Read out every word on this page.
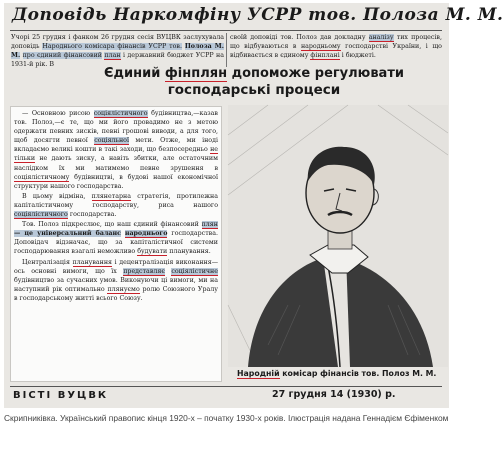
Доповідь Наркомфіну УСРР тов. Полоза М. М.

Учорі 25 грудня і фанком 26 грудня сесія ВУЦВК заслухувала доповідь Народнього комісара фінансів УСРР тов. Полоза М. М. про єдиний фінансовий план і державний бюджет УСРР на 1931-й рік. В

своїй доповіді тов. Полоз дав докладну аналізу тих процесів, що відбуваються в народньому господарстві України, і що відбивається в єдиному фінплані і бюджеті.

Єдиний фінплян допоможе регулювати
господарські процеси

— Основною рисою соціялістичного будівництва,—казав тов. Полоз,—є те, що ми його провадимо не з метою одержати певних зисків, певні грошові виводи, а для того, щоб досягти певної соціяльної мети. Отже, ми іноді вкладаємо великі кошти в такі заходи, що безпосередньо не тільки не дають зиску, а навіть збитки, але остаточним наслідком їх ми матимемо певне зрушення в соціялістичному будівництві, в будові нашої економічної структури нашого господарства.

В цьому відміна, плянетарна стратегія, протилежна капіталістичному господарству, риса нашого соціялістичного господарства.

Тов. Полоз підкреслює, що наш єдиний фінансовий плян — це універсальний баланс народнього господарства. Доповідач відзначає, що за капіталістичної системи господарювання взагалі неможливо будувати планування.

Централізація планування і децентралізація виконання—ось основні вимоги, що їх представляє соціялістичне будівництво за сучасних умов. Виконуючи ці вимоги, ми на наступний рік оптимально плянуємо ролю Союзного Уралу в господарському житті всього Союзу.

Народній комісар фінансів тов. Полоз М. М.
ВІСТІ ВУЦВК	27 грудня 14 (1930) р.
Скрипниківка. Український правопис кінця 1920-х – початку 1930-х років. Ілюстрація надана Геннадієм Єфіменком
